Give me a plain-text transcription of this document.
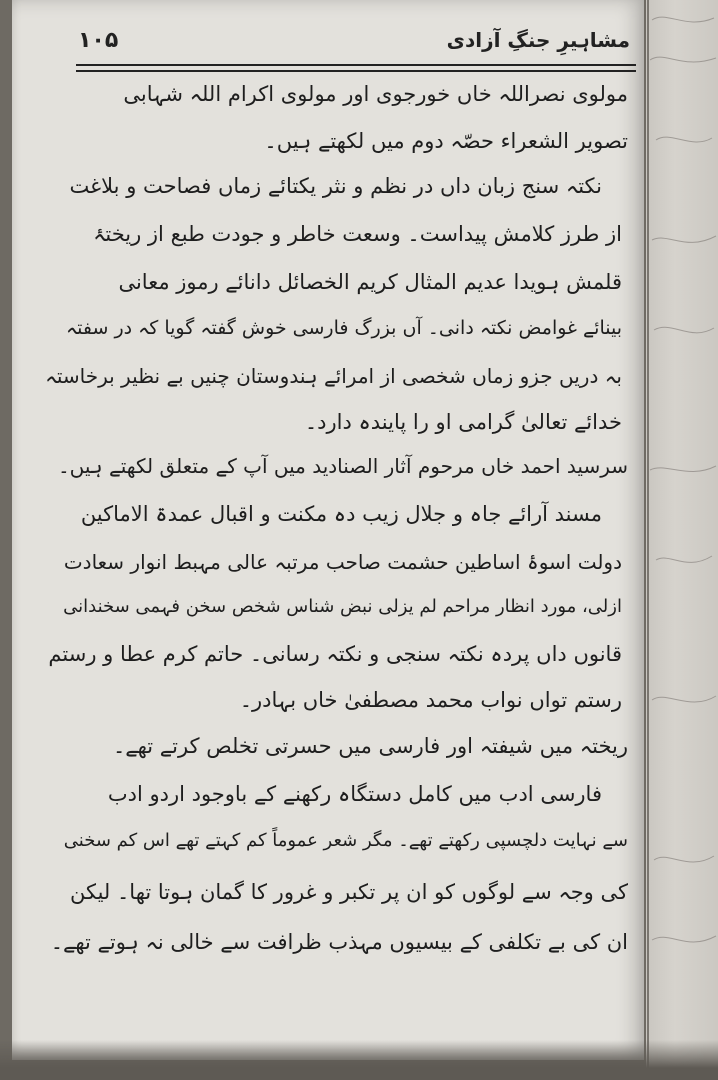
۱۰۵	مشاہیرِ جنگِ آزادی
مولوی نصراللہ خاں خورجوی اور مولوی اکرام اللہ شہابی
تصویر الشعراء حصّہ دوم میں لکھتے ہیں۔
نکتہ سنج زبان داں در نظم و نثر یکتائے زماں فصاحت و بلاغت
از طرز کلامش پیداست۔ وسعت خاطر و جودت طبع از ریختۂ
قلمش ہویدا عدیم المثال کریم الخصائل دانائے رموز معانی
بینائے غوامض نکتہ دانی۔ آں بزرگ فارسی خوش گفتہ گویا کہ در سفتہ
بہ دریں جزو زماں شخصی از امرائے ہندوستان چنیں بے نظیر برخاستہ
خدائے تعالیٰ گرامی او را پایندہ دارد۔
سرسید احمد خاں مرحوم آثار الصنادید میں آپ کے متعلق لکھتے ہیں۔
مسند آرائے جاہ و جلال زیب دہ مکنت و اقبال عمدۃ الاماکین
دولت اسوۂ اساطین حشمت صاحب مرتبہ عالی مہبط انوار سعادت
ازلی، مورد انظار مراحم لم یزلی نبض شناس شخص سخن فہمی سخندانی
قانوں داں پردہ نکتہ سنجی و نکتہ رسانی۔ حاتم کرم عطا و رستم
رستم تواں نواب محمد مصطفیٰ خاں بہادر۔
ریختہ میں شیفتہ اور فارسی میں حسرتی تخلص کرتے تھے۔
فارسی ادب میں کامل دستگاہ رکھنے کے باوجود اردو ادب
سے نہایت دلچسپی رکھتے تھے۔ مگر شعر عموماً کم کہتے تھے اس کم سخنی
کی وجہ سے لوگوں کو ان پر تکبر و غرور کا گمان ہوتا تھا۔ لیکن
ان کی بے تکلفی کے بیسیوں مہذب ظرافت سے خالی نہ ہوتے تھے۔
